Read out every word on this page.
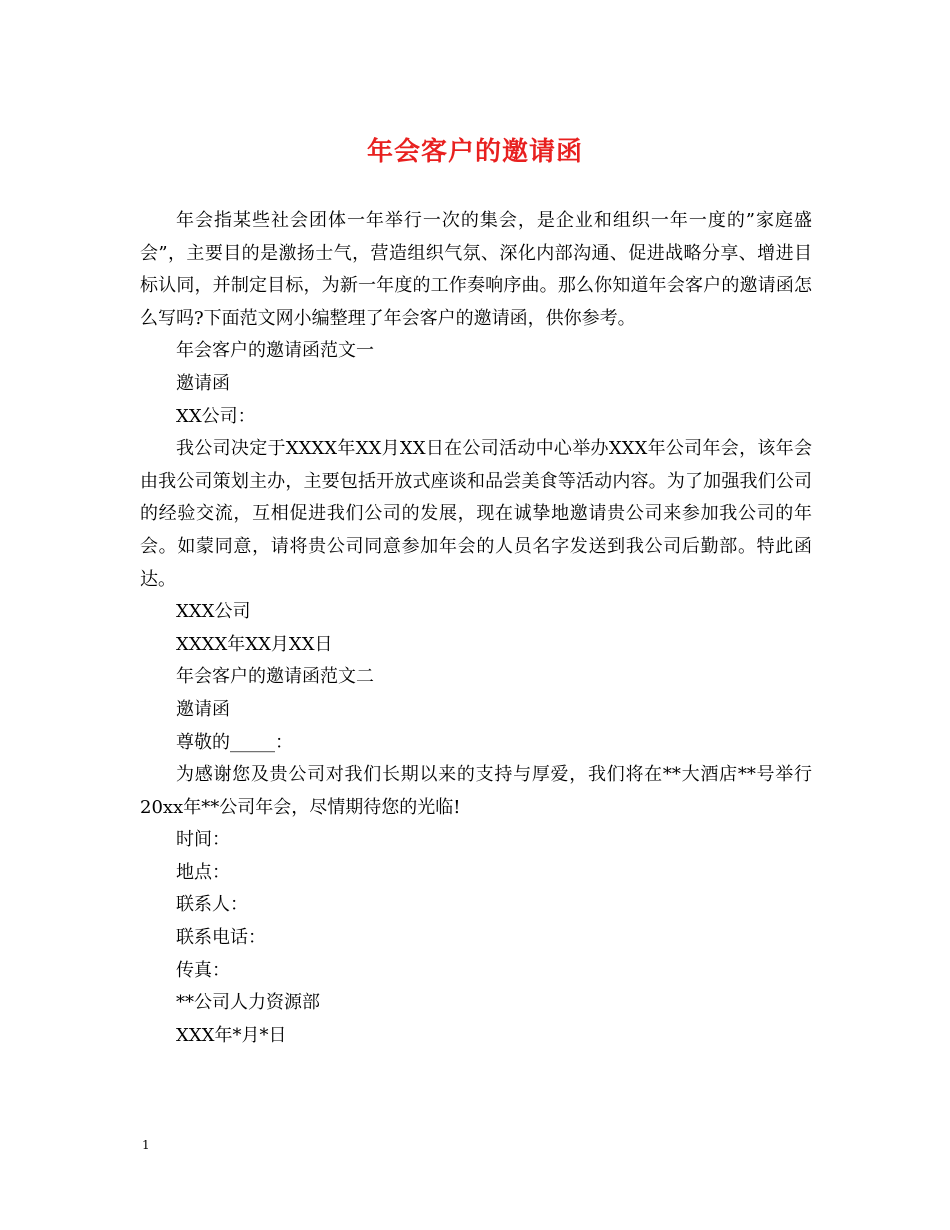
年会客户的邀请函

年会指某些社会团体一年举行一次的集会，是企业和组织一年一度的”家庭盛会”，主要目的是激扬士气，营造组织气氛、深化内部沟通、促进战略分享、增进目标认同，并制定目标，为新一年度的工作奏响序曲。那么你知道年会客户的邀请函怎么写吗?下面范文网小编整理了年会客户的邀请函，供你参考。

年会客户的邀请函范文一

邀请函

XX公司：

我公司决定于XXXX年XX月XX日在公司活动中心举办XXX年公司年会，该年会由我公司策划主办，主要包括开放式座谈和品尝美食等活动内容。为了加强我们公司的经验交流，互相促进我们公司的发展，现在诚挚地邀请贵公司来参加我公司的年会。如蒙同意，请将贵公司同意参加年会的人员名字发送到我公司后勤部。特此函达。

XXX公司

XXXX年XX月XX日

年会客户的邀请函范文二

邀请函

尊敬的_____：

为感谢您及贵公司对我们长期以来的支持与厚爱，我们将在**大酒店**号举行20xx年**公司年会，尽情期待您的光临!

时间：

地点：

联系人：

联系电话：

传真：

**公司人力资源部

XXX年*月*日

1
